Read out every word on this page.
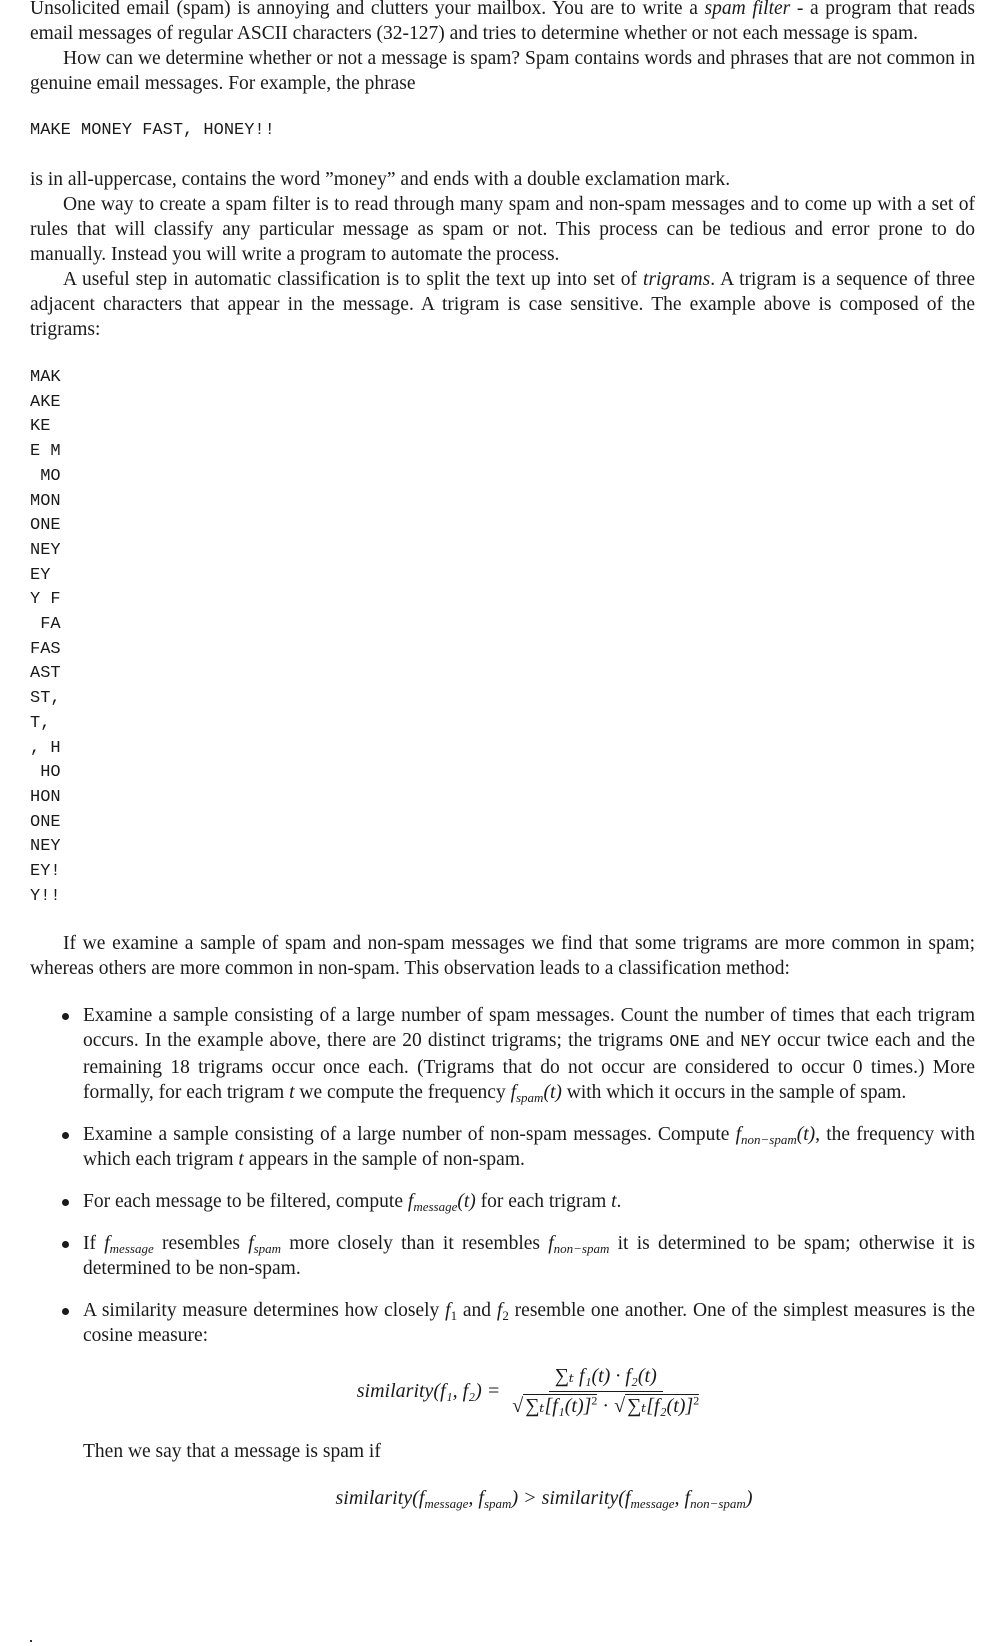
Unsolicited email (spam) is annoying and clutters your mailbox. You are to write a spam filter - a program that reads email messages of regular ASCII characters (32-127) and tries to determine whether or not each message is spam.

How can we determine whether or not a message is spam? Spam contains words and phrases that are not common in genuine email messages. For example, the phrase

MAKE MONEY FAST, HONEY!!

is in all-uppercase, contains the word ”money” and ends with a double exclamation mark.

One way to create a spam filter is to read through many spam and non-spam messages and to come up with a set of rules that will classify any particular message as spam or not. This process can be tedious and error prone to do manually. Instead you will write a program to automate the process.

A useful step in automatic classification is to split the text up into set of trigrams. A trigram is a sequence of three adjacent characters that appear in the message. A trigram is case sensitive. The example above is composed of the trigrams:

MAK
AKE
KE
E M
MO
MON
ONE
NEY
EY
Y F
FA
FAS
AST
ST,
T,
, H
HO
HON
ONE
NEY
EY!
Y!!

If we examine a sample of spam and non-spam messages we find that some trigrams are more common in spam; whereas others are more common in non-spam. This observation leads to a classification method:

Examine a sample consisting of a large number of spam messages. Count the number of times that each trigram occurs. In the example above, there are 20 distinct trigrams; the trigrams ONE and NEY occur twice each and the remaining 18 trigrams occur once each. (Trigrams that do not occur are considered to occur 0 times.) More formally, for each trigram t we compute the frequency $f_{spam}(t)$ with which it occurs in the sample of spam.
Examine a sample consisting of a large number of non-spam messages. Compute $f_{non-spam}(t)$, the frequency with which each trigram t appears in the sample of non-spam.
For each message to be filtered, compute $f_{message}(t)$ for each trigram t.
If $f_{message}$ resembles $f_{spam}$ more closely than it resembles $f_{non-spam}$ it is determined to be spam; otherwise it is determined to be non-spam.
A similarity measure determines how closely $f_1$ and $f_2$ resemble one another. One of the simplest measures is the cosine measure:
similarity(f₁, $f_2) = \frac{\text{∑ₜ f₁(t) · f₂(t)}}{√ \sum_t[f_1(t)]^2 \cdot √ \sum_t[f_2(t)]^2}$

Then we say that a message is spam if

$similarity(f_{message}$, $f_{spam}$) > $similarity(f_{message}$, $f_{non-spam}$)
